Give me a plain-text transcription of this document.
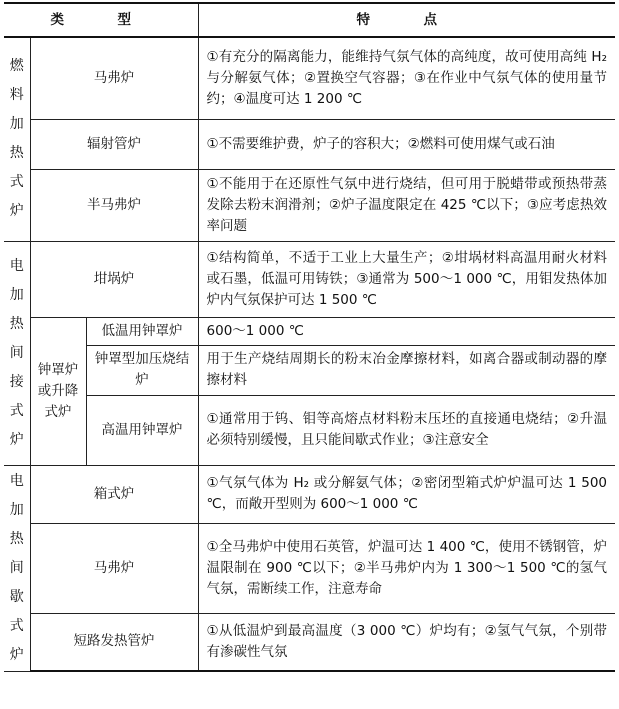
类　型			特　点
燃料加热式炉	马弗炉		①有充分的隔离能力，能维持气氛气体的高纯度，故可使用高纯 H₂ 与分解氨气体；②置换空气容器；③在作业中气氛气体的使用量节约；④温度可达 1 200 ℃
	辐射管炉		①不需要维护费，炉子的容积大；②燃料可使用煤气或石油
	半马弗炉		①不能用于在还原性气氛中进行烧结，但可用于脱蜡带或预热带蒸发除去粉末润滑剂；②炉子温度限定在 425 ℃以下；③应考虑热效率问题
电加热间接式炉	坩埚炉		①结构简单，不适于工业上大量生产；②坩埚材料高温用耐火材料或石墨，低温可用铸铁；③通常为 500～1 000 ℃，用钼发热体加炉内气氛保护可达 1 500 ℃
	钟罩炉或升降式炉	低温用钟罩炉	600～1 000 ℃
		钟罩型加压烧结炉	用于生产烧结周期长的粉末冶金摩擦材料，如离合器或制动器的摩擦材料
		高温用钟罩炉	①通常用于钨、钼等高熔点材料粉末压坯的直接通电烧结；②升温必须特别缓慢，且只能间歇式作业；③注意安全
电加热间歇式炉	箱式炉		①气氛气体为 H₂ 或分解氨气体；②密闭型箱式炉炉温可达 1 500 ℃，而敞开型则为 600～1 000 ℃
	马弗炉		①全马弗炉中使用石英管，炉温可达 1 400 ℃，使用不锈钢管，炉温限制在 900 ℃以下；②半马弗炉内为 1 300～1 500 ℃的氢气气氛，需断续工作，注意寿命
	短路发热管炉		①从低温炉到最高温度（3 000 ℃）炉均有；②氢气气氛，个别带有渗碳性气氛
